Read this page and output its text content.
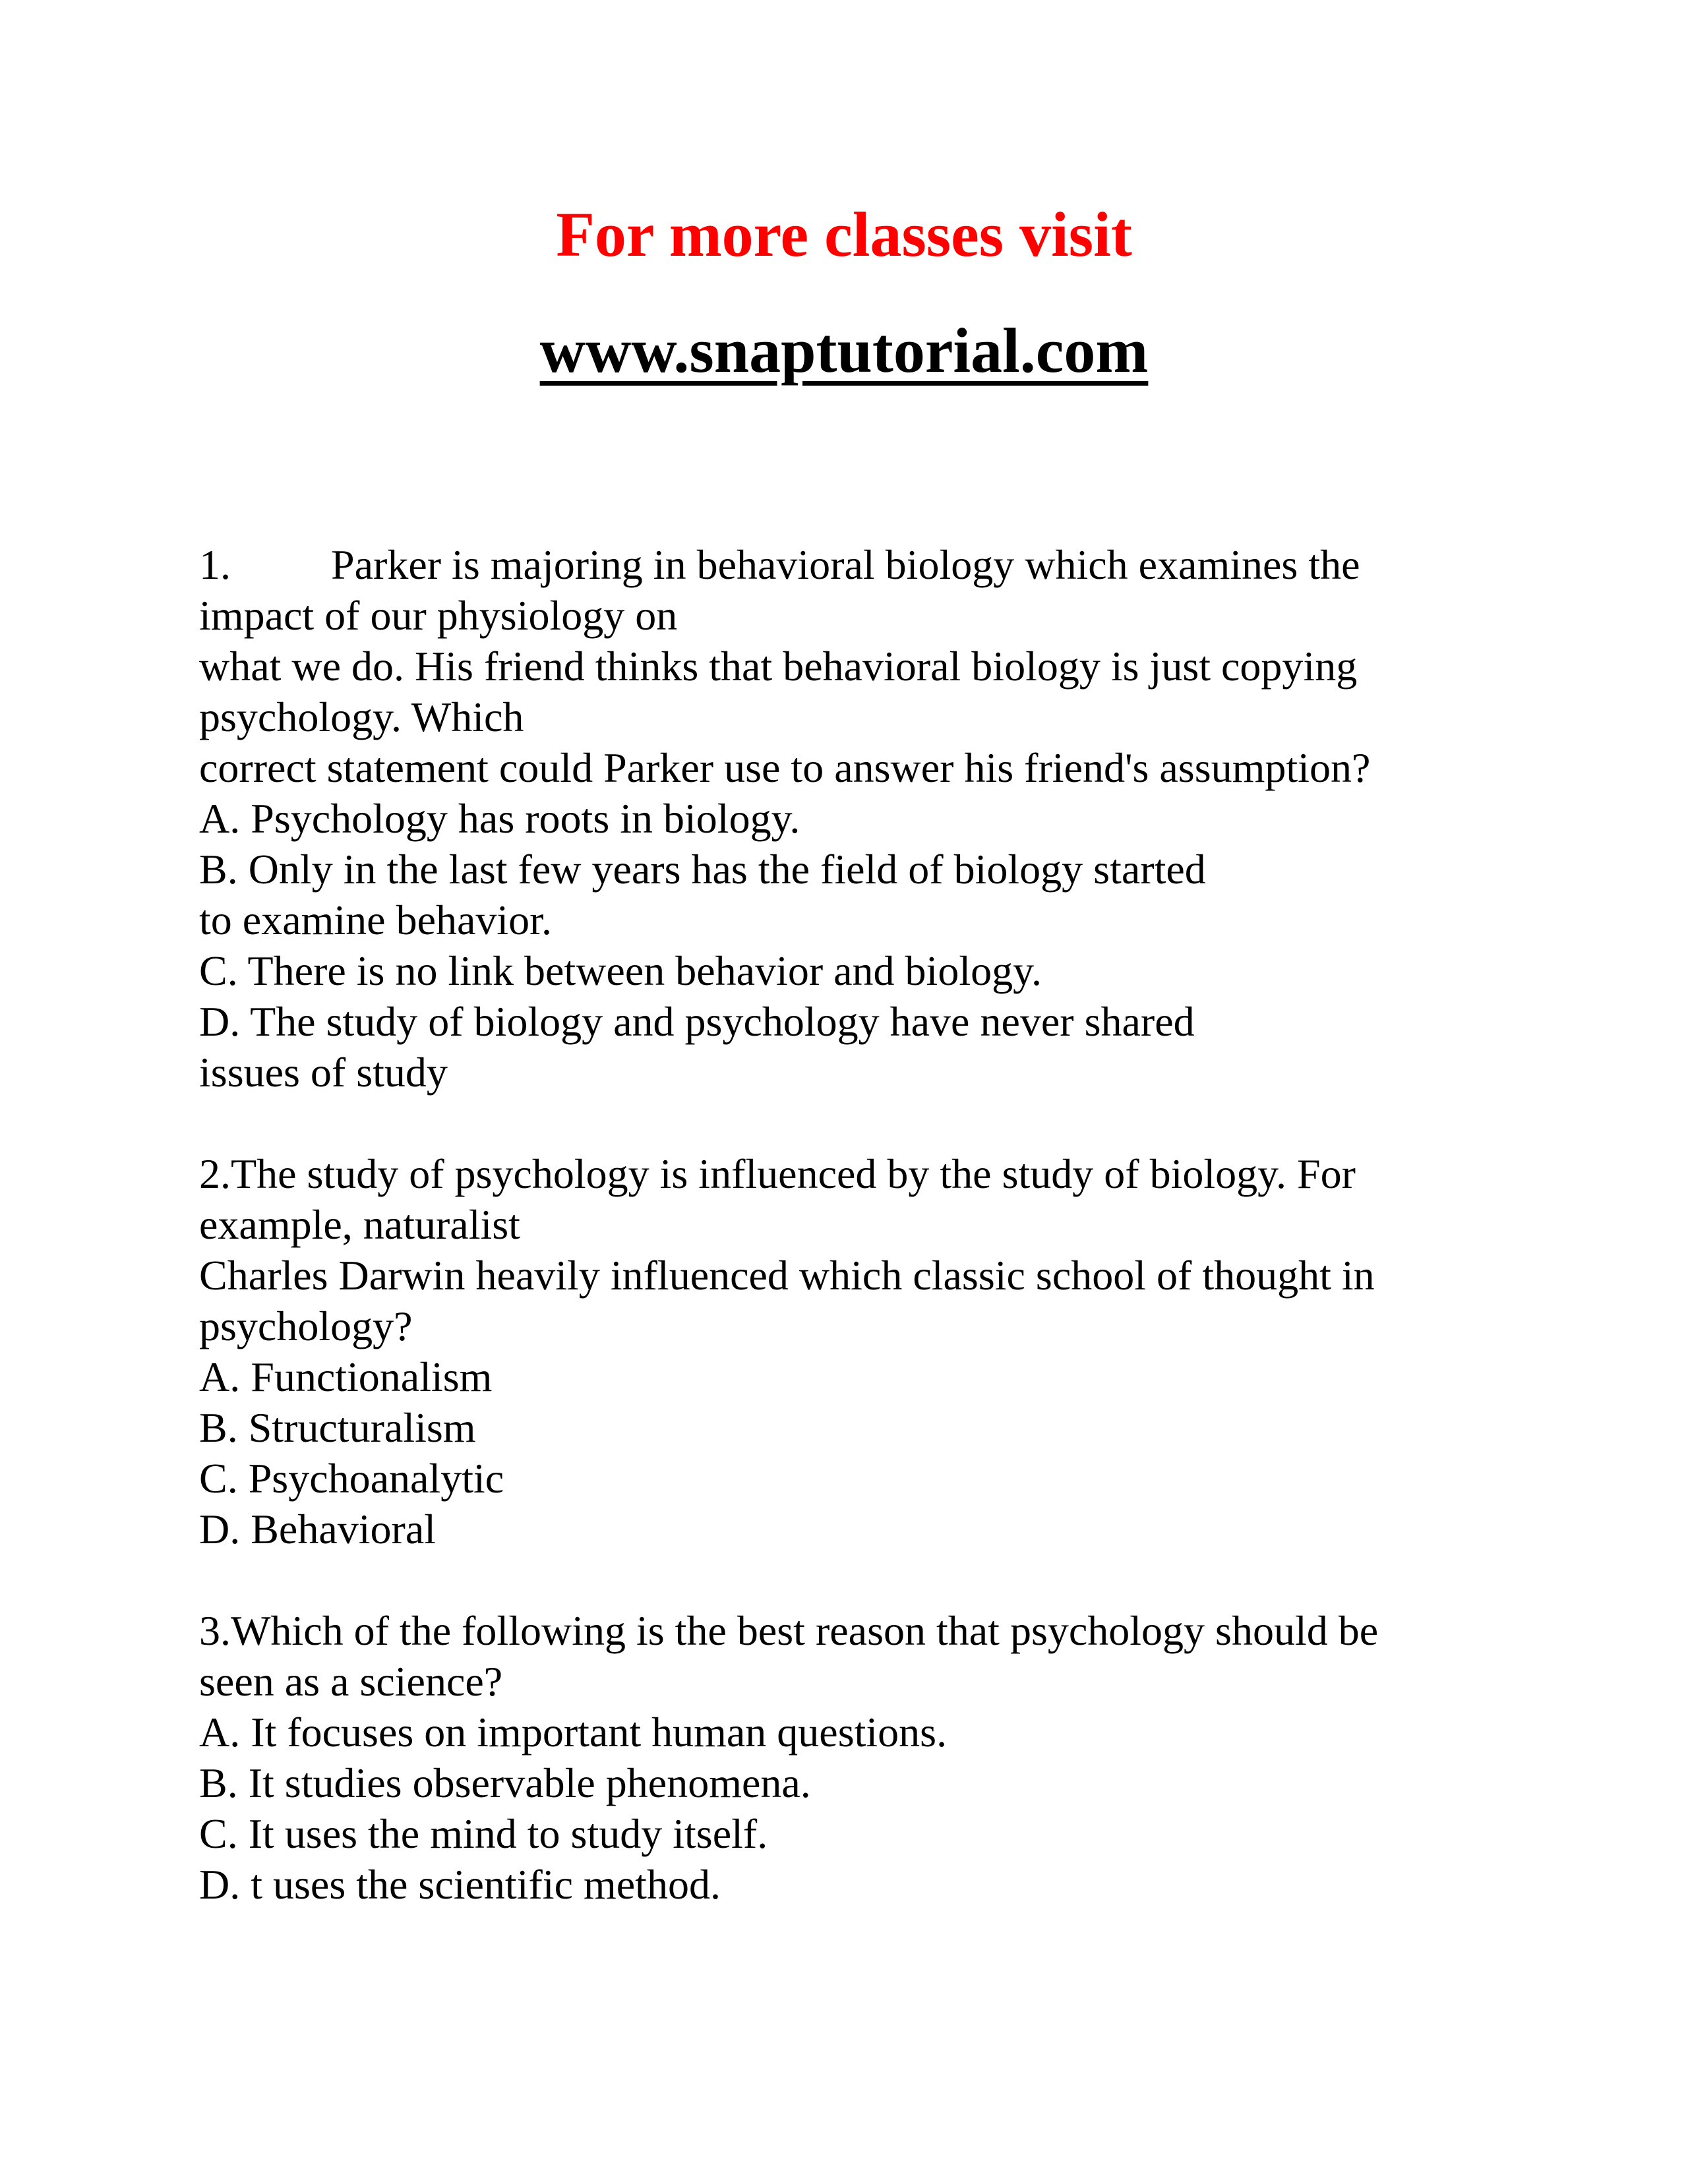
For more classes visit
www.snaptutorial.com

1. Parker is majoring in behavioral biology which examines the

impact of our physiology on

what we do. His friend thinks that behavioral biology is just copying

psychology. Which

correct statement could Parker use to answer his friend's assumption?

A. Psychology has roots in biology.

B. Only in the last few years has the field of biology started

to examine behavior.

C. There is no link between behavior and biology.

D. The study of biology and psychology have never shared

issues of study

2.The study of psychology is influenced by the study of biology. For

example, naturalist

Charles Darwin heavily influenced which classic school of thought in

psychology?

A. Functionalism

B. Structuralism

C. Psychoanalytic

D. Behavioral

3.Which of the following is the best reason that psychology should be

seen as a science?

A. It focuses on important human questions.

B. It studies observable phenomena.

C. It uses the mind to study itself.

D. t uses the scientific method.
